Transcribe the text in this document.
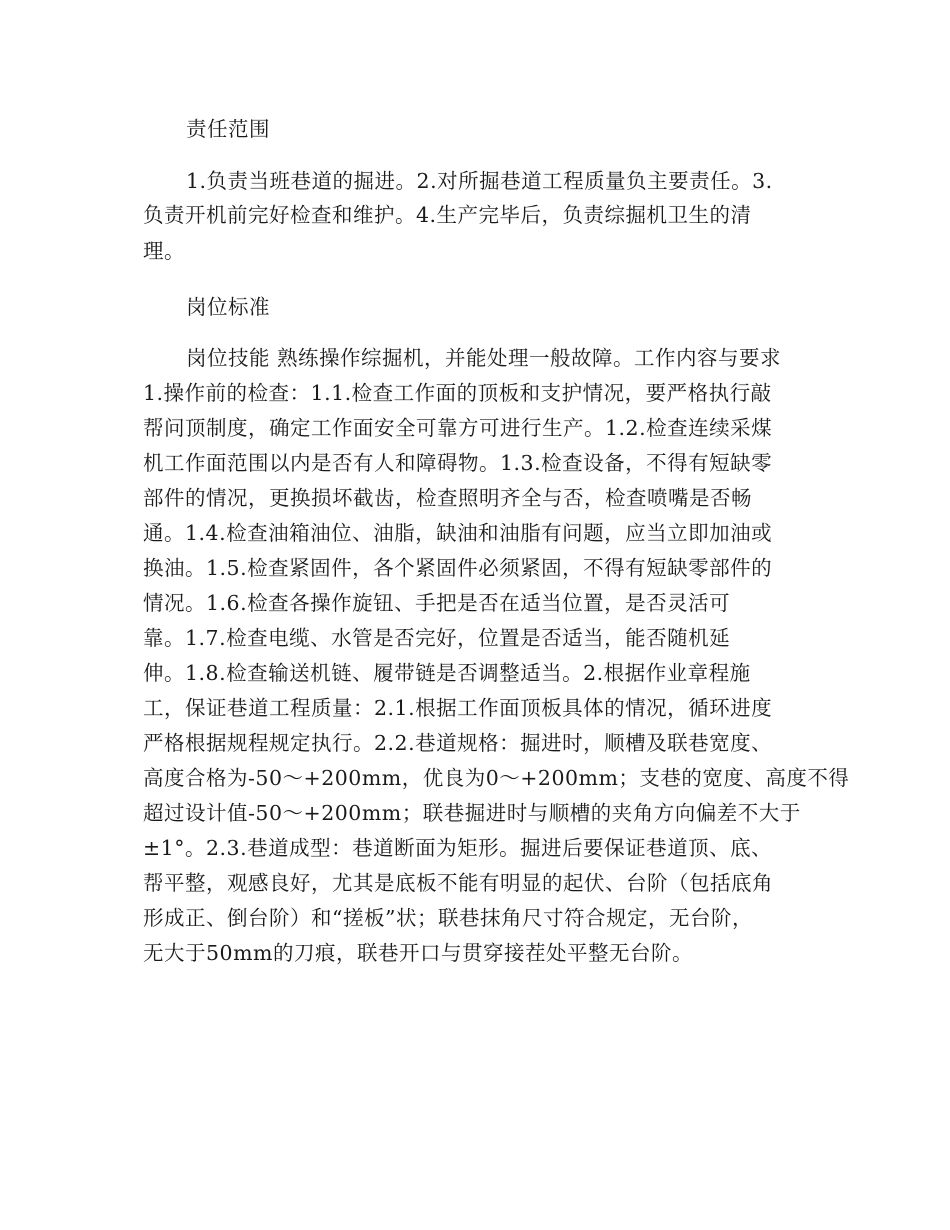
责任范围
1.负责当班巷道的掘进。2.对所掘巷道工程质量负主要责任。3.
负责开机前完好检查和维护。4.生产完毕后，负责综掘机卫生的清
理。
岗位标准
岗位技能 熟练操作综掘机，并能处理一般故障。工作内容与要求
1.操作前的检查：1.1.检查工作面的顶板和支护情况，要严格执行敲
帮问顶制度，确定工作面安全可靠方可进行生产。1.2.检查连续采煤
机工作面范围以内是否有人和障碍物。1.3.检查设备，不得有短缺零
部件的情况，更换损坏截齿，检查照明齐全与否，检查喷嘴是否畅
通。1.4.检查油箱油位、油脂，缺油和油脂有问题，应当立即加油或
换油。1.5.检查紧固件，各个紧固件必须紧固，不得有短缺零部件的
情况。1.6.检查各操作旋钮、手把是否在适当位置，是否灵活可
靠。1.7.检查电缆、水管是否完好，位置是否适当，能否随机延
伸。1.8.检查输送机链、履带链是否调整适当。2.根据作业章程施
工，保证巷道工程质量：2.1.根据工作面顶板具体的情况，循环进度
严格根据规程规定执行。2.2.巷道规格：掘进时，顺槽及联巷宽度、
高度合格为-50～+200mm，优良为0～+200mm；支巷的宽度、高度不得
超过设计值-50～+200mm；联巷掘进时与顺槽的夹角方向偏差不大于
±1°。2.3.巷道成型：巷道断面为矩形。掘进后要保证巷道顶、底、
帮平整，观感良好，尤其是底板不能有明显的起伏、台阶（包括底角
形成正、倒台阶）和“搓板”状；联巷抹角尺寸符合规定，无台阶，
无大于50mm的刀痕，联巷开口与贯穿接茬处平整无台阶。
